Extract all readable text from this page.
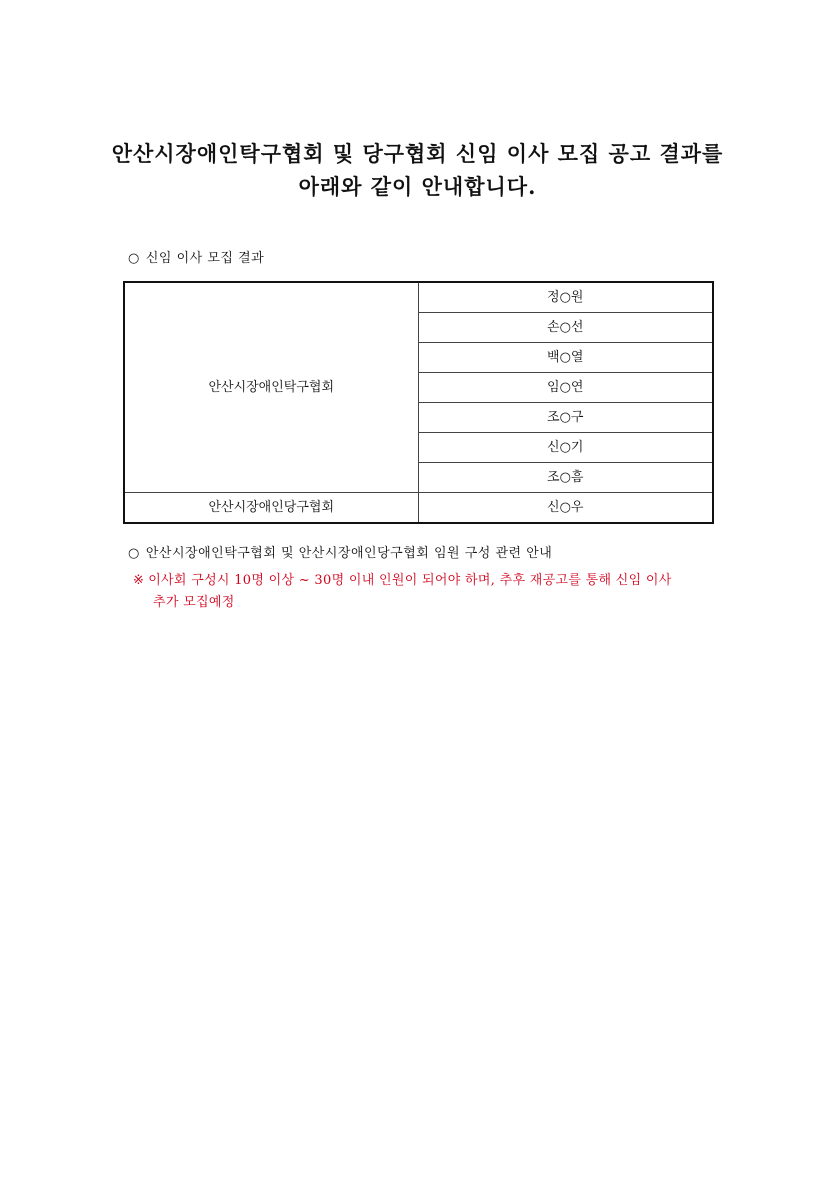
안산시장애인탁구협회 및 당구협회 신임 이사 모집 공고 결과를
아래와 같이 안내합니다.
○ 신임 이사 모집 결과
안산시장애인탁구협회	정○원
	손○선
	백○열
	임○연
	조○구
	신○기
	조○흠
안산시장애인당구협회	신○우
○ 안산시장애인탁구협회 및 안산시장애인당구협회 임원 구성 관련 안내
※ 이사회 구성시 10명 이상 ~ 30명 이내 인원이 되어야 하며, 추후 재공고를 통해 신임 이사
추가 모집예정
